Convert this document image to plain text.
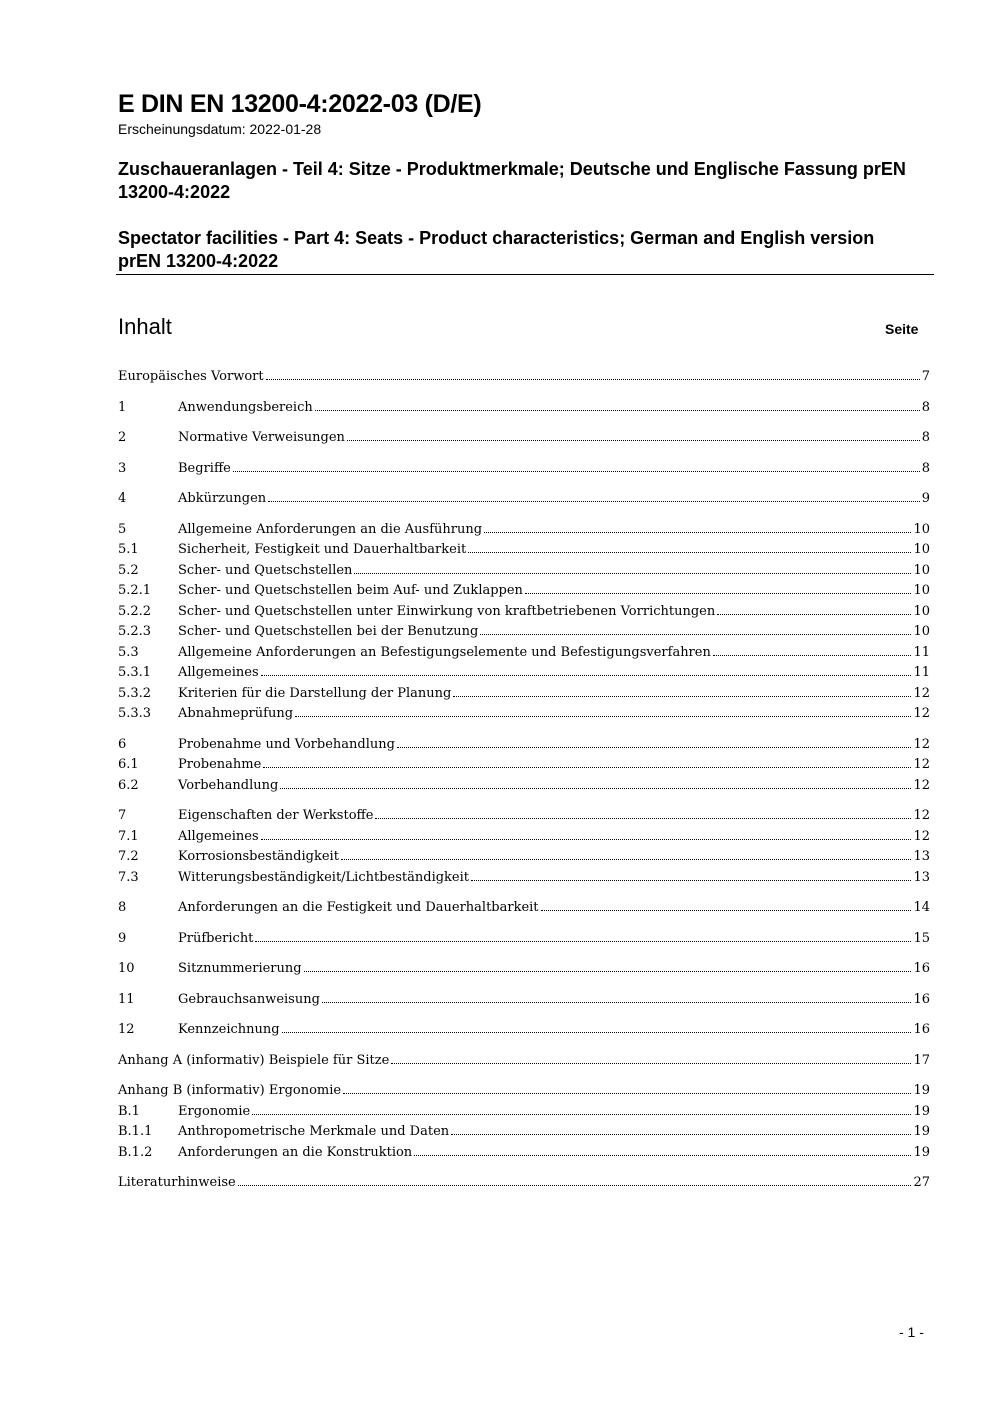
E DIN EN 13200-4:2022-03 (D/E)
Erscheinungsdatum: 2022-01-28
Zuschaueranlagen - Teil 4: Sitze - Produktmerkmale; Deutsche und Englische Fassung prEN 13200-4:2022
Spectator facilities - Part 4: Seats - Product characteristics; German and English version prEN 13200-4:2022
Inhalt	Seite
Europäisches Vorwort	7
1	Anwendungsbereich	8
2	Normative Verweisungen	8
3	Begriffe	8
4	Abkürzungen	9
5	Allgemeine Anforderungen an die Ausführung	10
5.1	Sicherheit, Festigkeit und Dauerhaltbarkeit	10
5.2	Scher- und Quetschstellen	10
5.2.1	Scher- und Quetschstellen beim Auf- und Zuklappen	10
5.2.2	Scher- und Quetschstellen unter Einwirkung von kraftbetriebenen Vorrichtungen	10
5.2.3	Scher- und Quetschstellen bei der Benutzung	10
5.3	Allgemeine Anforderungen an Befestigungselemente und Befestigungsverfahren	11
5.3.1	Allgemeines	11
5.3.2	Kriterien für die Darstellung der Planung	12
5.3.3	Abnahmeprüfung	12
6	Probenahme und Vorbehandlung	12
6.1	Probenahme	12
6.2	Vorbehandlung	12
7	Eigenschaften der Werkstoffe	12
7.1	Allgemeines	12
7.2	Korrosionsbeständigkeit	13
7.3	Witterungsbeständigkeit/Lichtbeständigkeit	13
8	Anforderungen an die Festigkeit und Dauerhaltbarkeit	14
9	Prüfbericht	15
10	Sitznummerierung	16
11	Gebrauchsanweisung	16
12	Kennzeichnung	16
Anhang A (informativ) Beispiele für Sitze	17
Anhang B (informativ) Ergonomie	19
B.1	Ergonomie	19
B.1.1	Anthropometrische Merkmale und Daten	19
B.1.2	Anforderungen an die Konstruktion	19
Literaturhinweise	27
- 1 -
